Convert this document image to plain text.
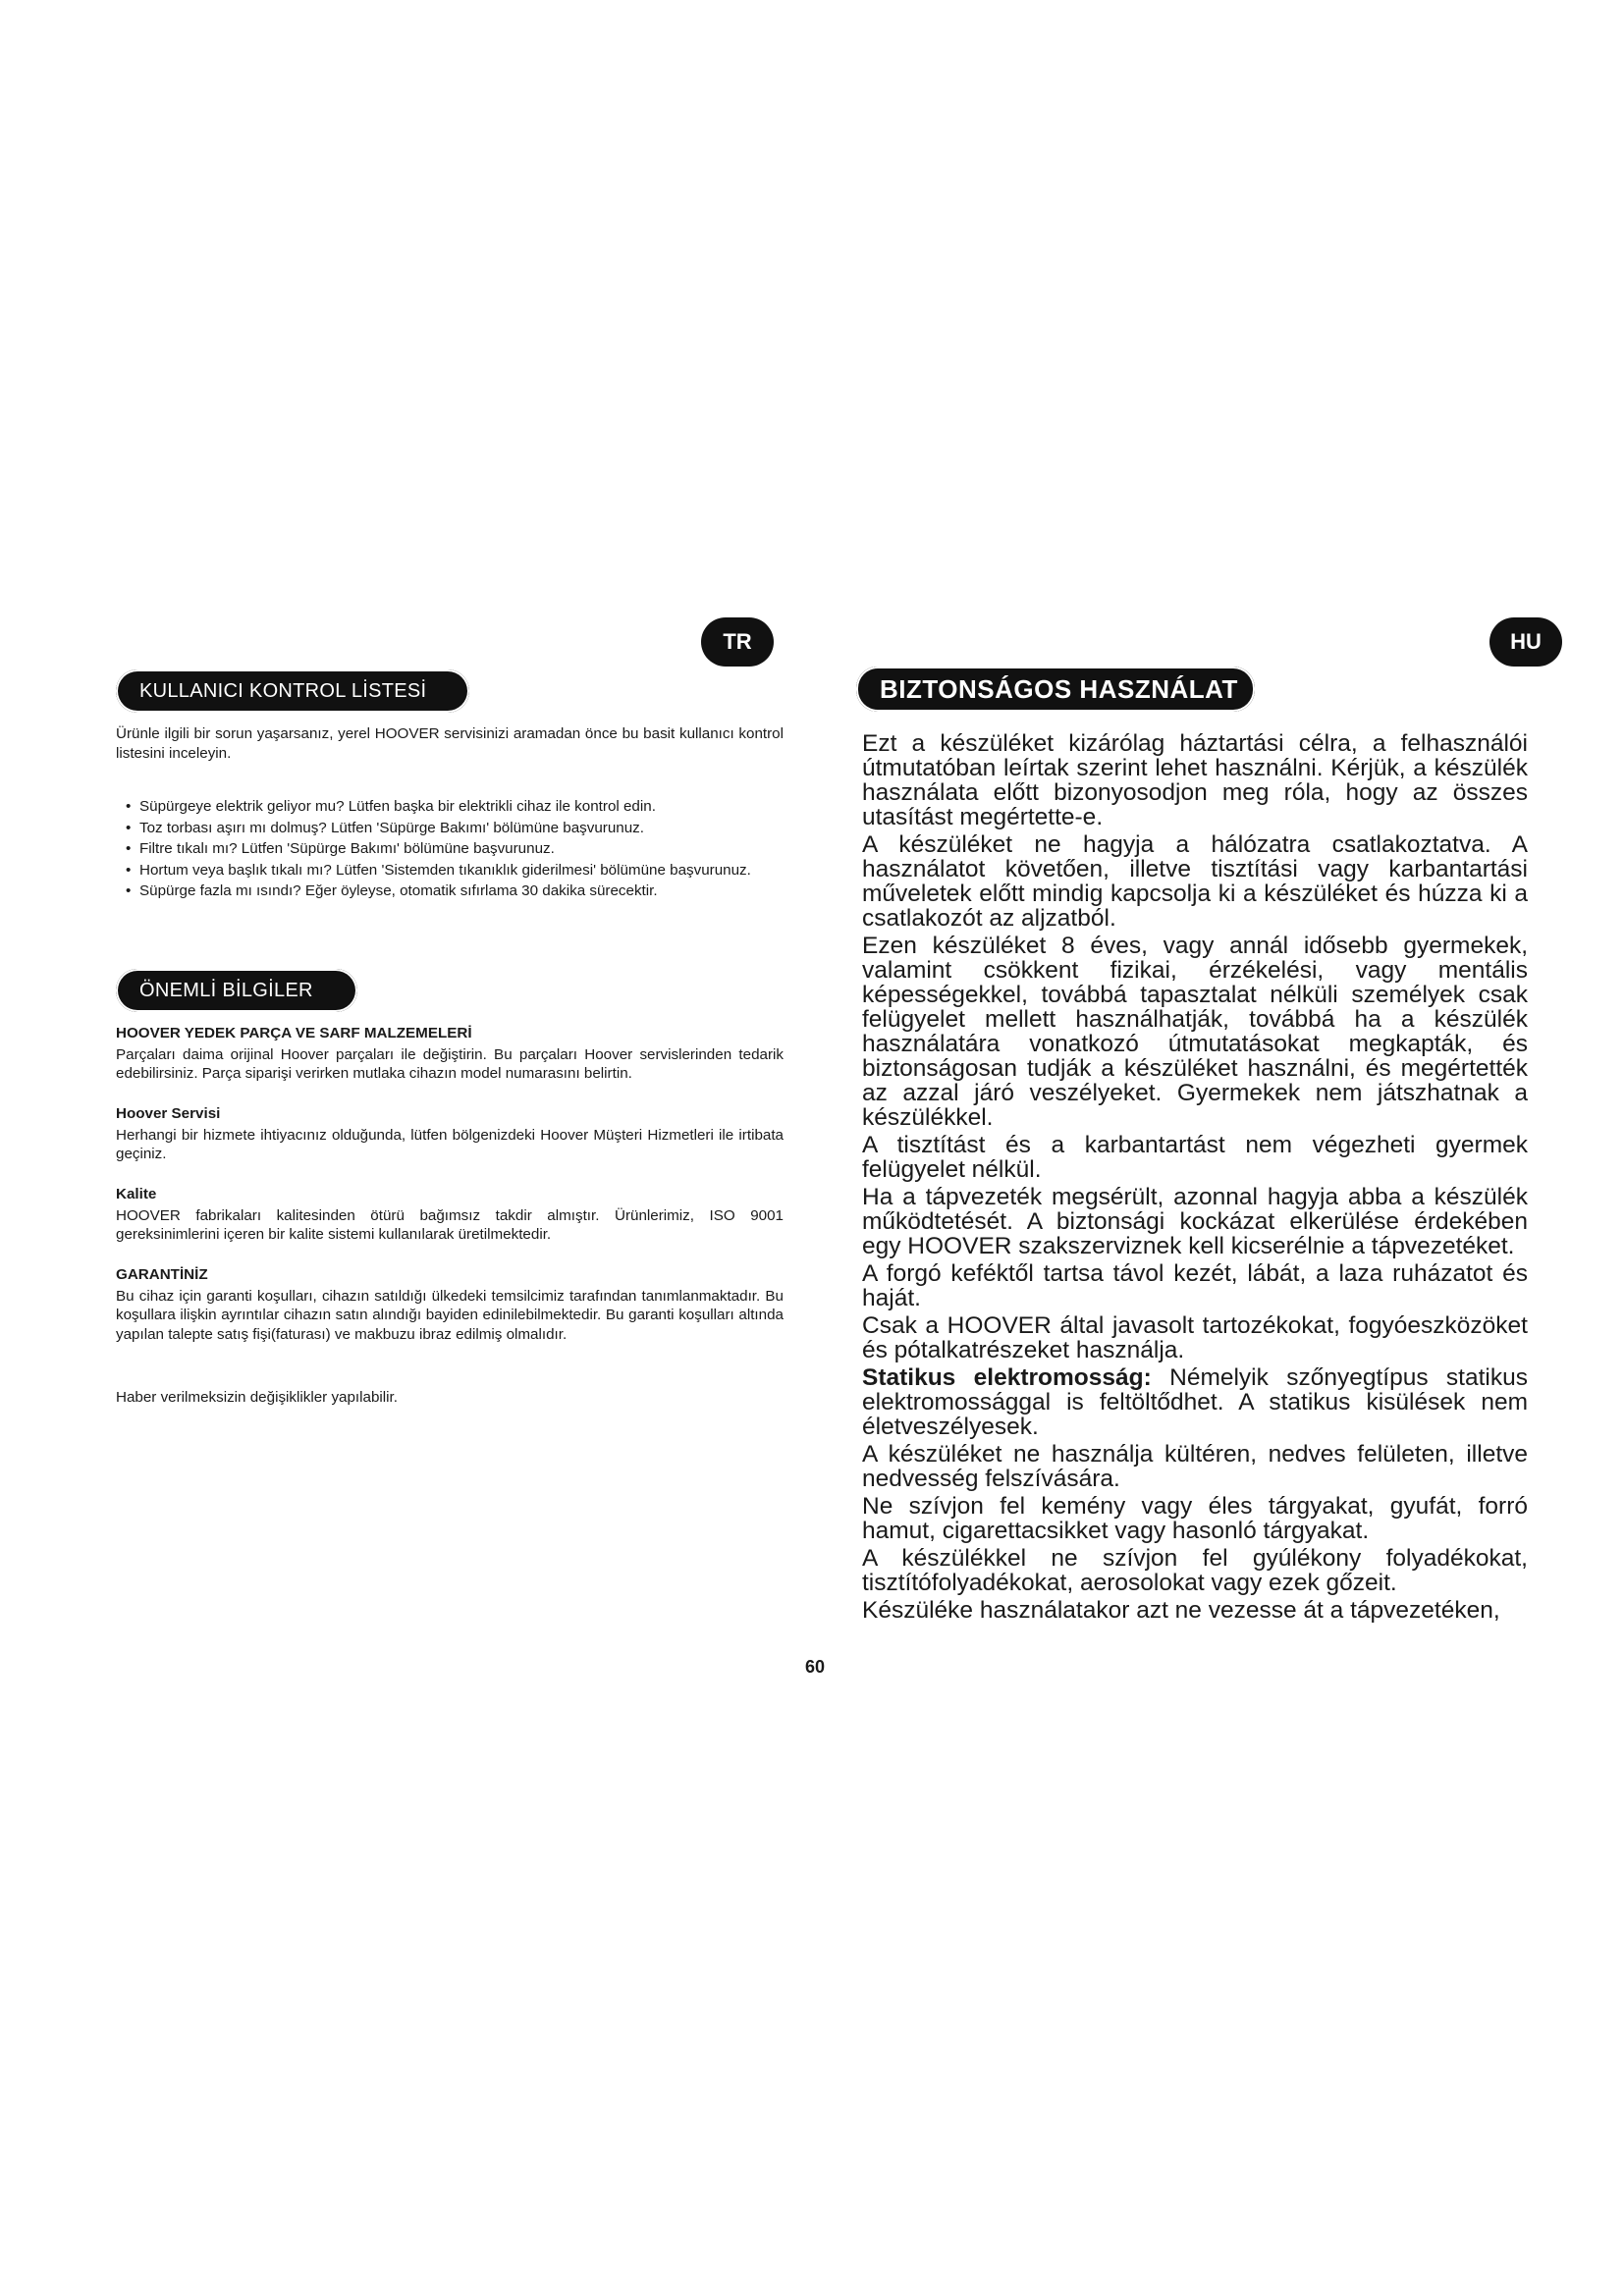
TR	HU
KULLANICI KONTROL LİSTESİ

Ürünle ilgili bir sorun yaşarsanız, yerel HOOVER servisinizi aramadan önce bu basit kullanıcı kontrol listesini inceleyin.

• Süpürgeye elektrik geliyor mu? Lütfen başka bir elektrikli cihaz ile kontrol edin.
• Toz torbası aşırı mı dolmuş? Lütfen 'Süpürge Bakımı' bölümüne başvurunuz.
• Filtre tıkalı mı? Lütfen 'Süpürge Bakımı' bölümüne başvurunuz.
• Hortum veya başlık tıkalı mı? Lütfen 'Sistemden tıkanıklık giderilmesi' bölümüne başvurunuz.
• Süpürge fazla mı ısındı? Eğer öyleyse, otomatik sıfırlama 30 dakika sürecektir.
ÖNEMLİ BİLGİLER
HOOVER YEDEK PARÇA VE SARF MALZEMELERİ

Parçaları daima orijinal Hoover parçaları ile değiştirin. Bu parçaları Hoover servislerinden tedarik edebilirsiniz. Parça siparişi verirken mutlaka cihazın model numarasını belirtin.

Hoover Servisi

Herhangi bir hizmete ihtiyacınız olduğunda, lütfen bölgenizdeki Hoover Müşteri Hizmetleri ile irtibata geçiniz.

Kalite

HOOVER fabrikaları kalitesinden ötürü bağımsız takdir almıştır. Ürünlerimiz, ISO 9001 gereksinimlerini içeren bir kalite sistemi kullanılarak üretilmektedir.

GARANTİNİZ

Bu cihaz için garanti koşulları, cihazın satıldığı ülkedeki temsilcimiz tarafından tanımlanmaktadır. Bu koşullara ilişkin ayrıntılar cihazın satın alındığı bayiden edinilebilmektedir. Bu garanti koşulları altında yapılan talepte satış fişi(faturası) ve makbuzu ibraz edilmiş olmalıdır.

Haber verilmeksizin değişiklikler yapılabilir.

BIZTONSÁGOS HASZNÁLAT

Ezt a készüléket kizárólag háztartási célra, a felhasználói útmutatóban leírtak szerint lehet használni. Kérjük, a készülék használata előtt bizonyosodjon meg róla, hogy az összes utasítást megértette-e.

A készüléket ne hagyja a hálózatra csatlakoztatva. A használatot követően, illetve tisztítási vagy karbantartási műveletek előtt mindig kapcsolja ki a készüléket és húzza ki a csatlakozót az aljzatból.

Ezen készüléket 8 éves, vagy annál idősebb gyermekek, valamint csökkent fizikai, érzékelési, vagy mentális képességekkel, továbbá tapasztalat nélküli személyek csak felügyelet mellett használhatják, továbbá ha a készülék használatára vonatkozó útmutatásokat megkapták, és biztonságosan tudják a készüléket használni, és megértették az azzal járó veszélyeket. Gyermekek nem játszhatnak a készülékkel.

A tisztítást és a karbantartást nem végezheti gyermek felügyelet nélkül.

Ha a tápvezeték megsérült, azonnal hagyja abba a készülék működtetését. A biztonsági kockázat elkerülése érdekében egy HOOVER szakszerviznek kell kicserélnie a tápvezetéket.

A forgó keféktől tartsa távol kezét, lábát, a laza ruházatot és haját.

Csak a HOOVER által javasolt tartozékokat, fogyóeszközöket és pótalkatrészeket használja.

Statikus elektromosság: Némelyik szőnyegtípus statikus elektromossággal is feltöltődhet. A statikus kisülések nem életveszélyesek.

A készüléket ne használja kültéren, nedves felületen, illetve nedvesség felszívására.

Ne szívjon fel kemény vagy éles tárgyakat, gyufát, forró hamut, cigarettacsikket vagy hasonló tárgyakat.

A készülékkel ne szívjon fel gyúlékony folyadékokat, tisztítófolyadékokat, aerosolokat vagy ezek gőzeit.

Készüléke használatakor azt ne vezesse át a tápvezetéken,

60
